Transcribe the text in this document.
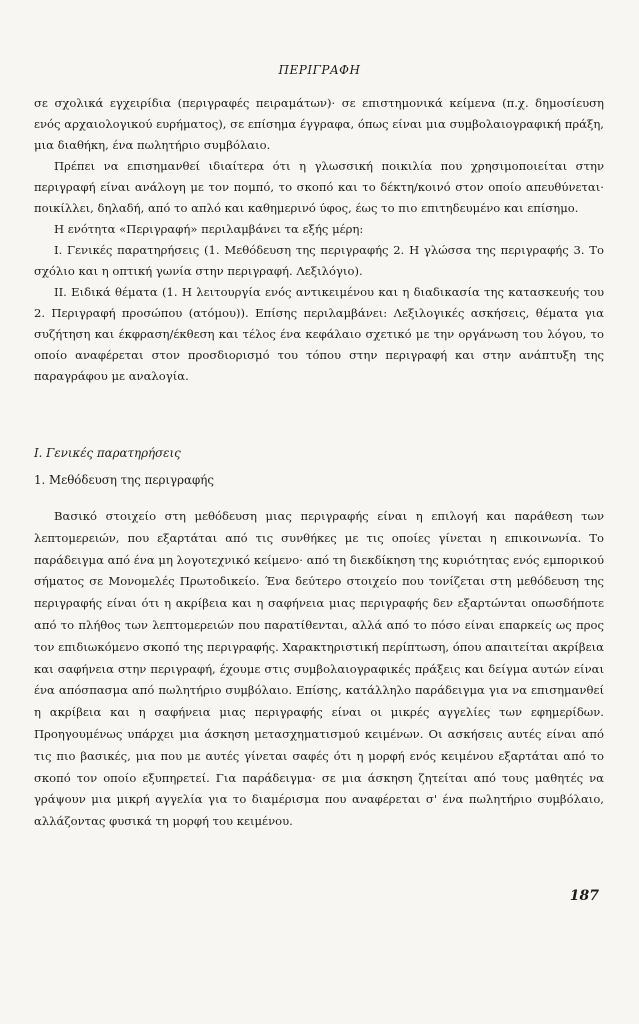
ΠΕΡΙΓΡΑΦΗ

σε σχολικά εγχειρίδια (περιγραφές πειραμάτων)· σε επιστημονικά κείμενα (π.χ. δημοσίευση ενός αρχαιολογικού ευρήματος), σε επίσημα έγγραφα, όπως είναι μια συμβολαιογραφική πράξη, μια διαθήκη, ένα πωλητήριο συμβόλαιο.

Πρέπει να επισημανθεί ιδιαίτερα ότι η γλωσσική ποικιλία που χρησιμοποιείται στην περιγραφή είναι ανάλογη με τον πομπό, το σκοπό και το δέκτη/κοινό στον οποίο απευθύνεται· ποικίλλει, δηλαδή, από το απλό και καθημερινό ύφος, έως το πιο επιτηδευμένο και επίσημο.

Η ενότητα «Περιγραφή» περιλαμβάνει τα εξής μέρη:

Ι. Γενικές παρατηρήσεις (1. Μεθόδευση της περιγραφής 2. Η γλώσσα της περιγραφής 3. Το σχόλιο και η οπτική γωνία στην περιγραφή. Λεξιλόγιο).

ΙΙ. Ειδικά θέματα (1. Η λειτουργία ενός αντικειμένου και η διαδικασία της κατασκευής του 2. Περιγραφή προσώπου (ατόμου)). Επίσης περιλαμβάνει: Λεξιλογικές ασκήσεις, θέματα για συζήτηση και έκφραση/έκθεση και τέλος ένα κεφάλαιο σχετικό με την οργάνωση του λόγου, το οποίο αναφέρεται στον προσδιορισμό του τόπου στην περιγραφή και στην ανάπτυξη της παραγράφου με αναλογία.

Ι. Γενικές παρατηρήσεις
1. Μεθόδευση της περιγραφής

Βασικό στοιχείο στη μεθόδευση μιας περιγραφής είναι η επιλογή και παράθεση των λεπτομερειών, που εξαρτάται από τις συνθήκες με τις οποίες γίνεται η επικοινωνία. Το παράδειγμα από ένα μη λογοτεχνικό κείμενο· από τη διεκδίκηση της κυριότητας ενός εμπορικού σήματος σε Μονομελές Πρωτοδικείο. Ένα δεύτερο στοιχείο που τονίζεται στη μεθόδευση της περιγραφής είναι ότι η ακρίβεια και η σαφήνεια μιας περιγραφής δεν εξαρτώνται οπωσδήποτε από το πλήθος των λεπτομερειών που παρατίθενται, αλλά από το πόσο είναι επαρκείς ως προς τον επιδιωκόμενο σκοπό της περιγραφής. Χαρακτηριστική περίπτωση, όπου απαιτείται ακρίβεια και σαφήνεια στην περιγραφή, έχουμε στις συμβολαιογραφικές πράξεις και δείγμα αυτών είναι ένα απόσπασμα από πωλητήριο συμβόλαιο. Επίσης, κατάλληλο παράδειγμα για να επισημανθεί η ακρίβεια και η σαφήνεια μιας περιγραφής είναι οι μικρές αγγελίες των εφημερίδων. Προηγουμένως υπάρχει μια άσκηση μετασχηματισμού κειμένων. Οι ασκήσεις αυτές είναι από τις πιο βασικές, μια που με αυτές γίνεται σαφές ότι η μορφή ενός κειμένου εξαρτάται από το σκοπό τον οποίο εξυπηρετεί. Για παράδειγμα· σε μια άσκηση ζητείται από τους μαθητές να γράψουν μια μικρή αγγελία για το διαμέρισμα που αναφέρεται σ' ένα πωλητήριο συμβόλαιο, αλλάζοντας φυσικά τη μορφή του κειμένου.

187
